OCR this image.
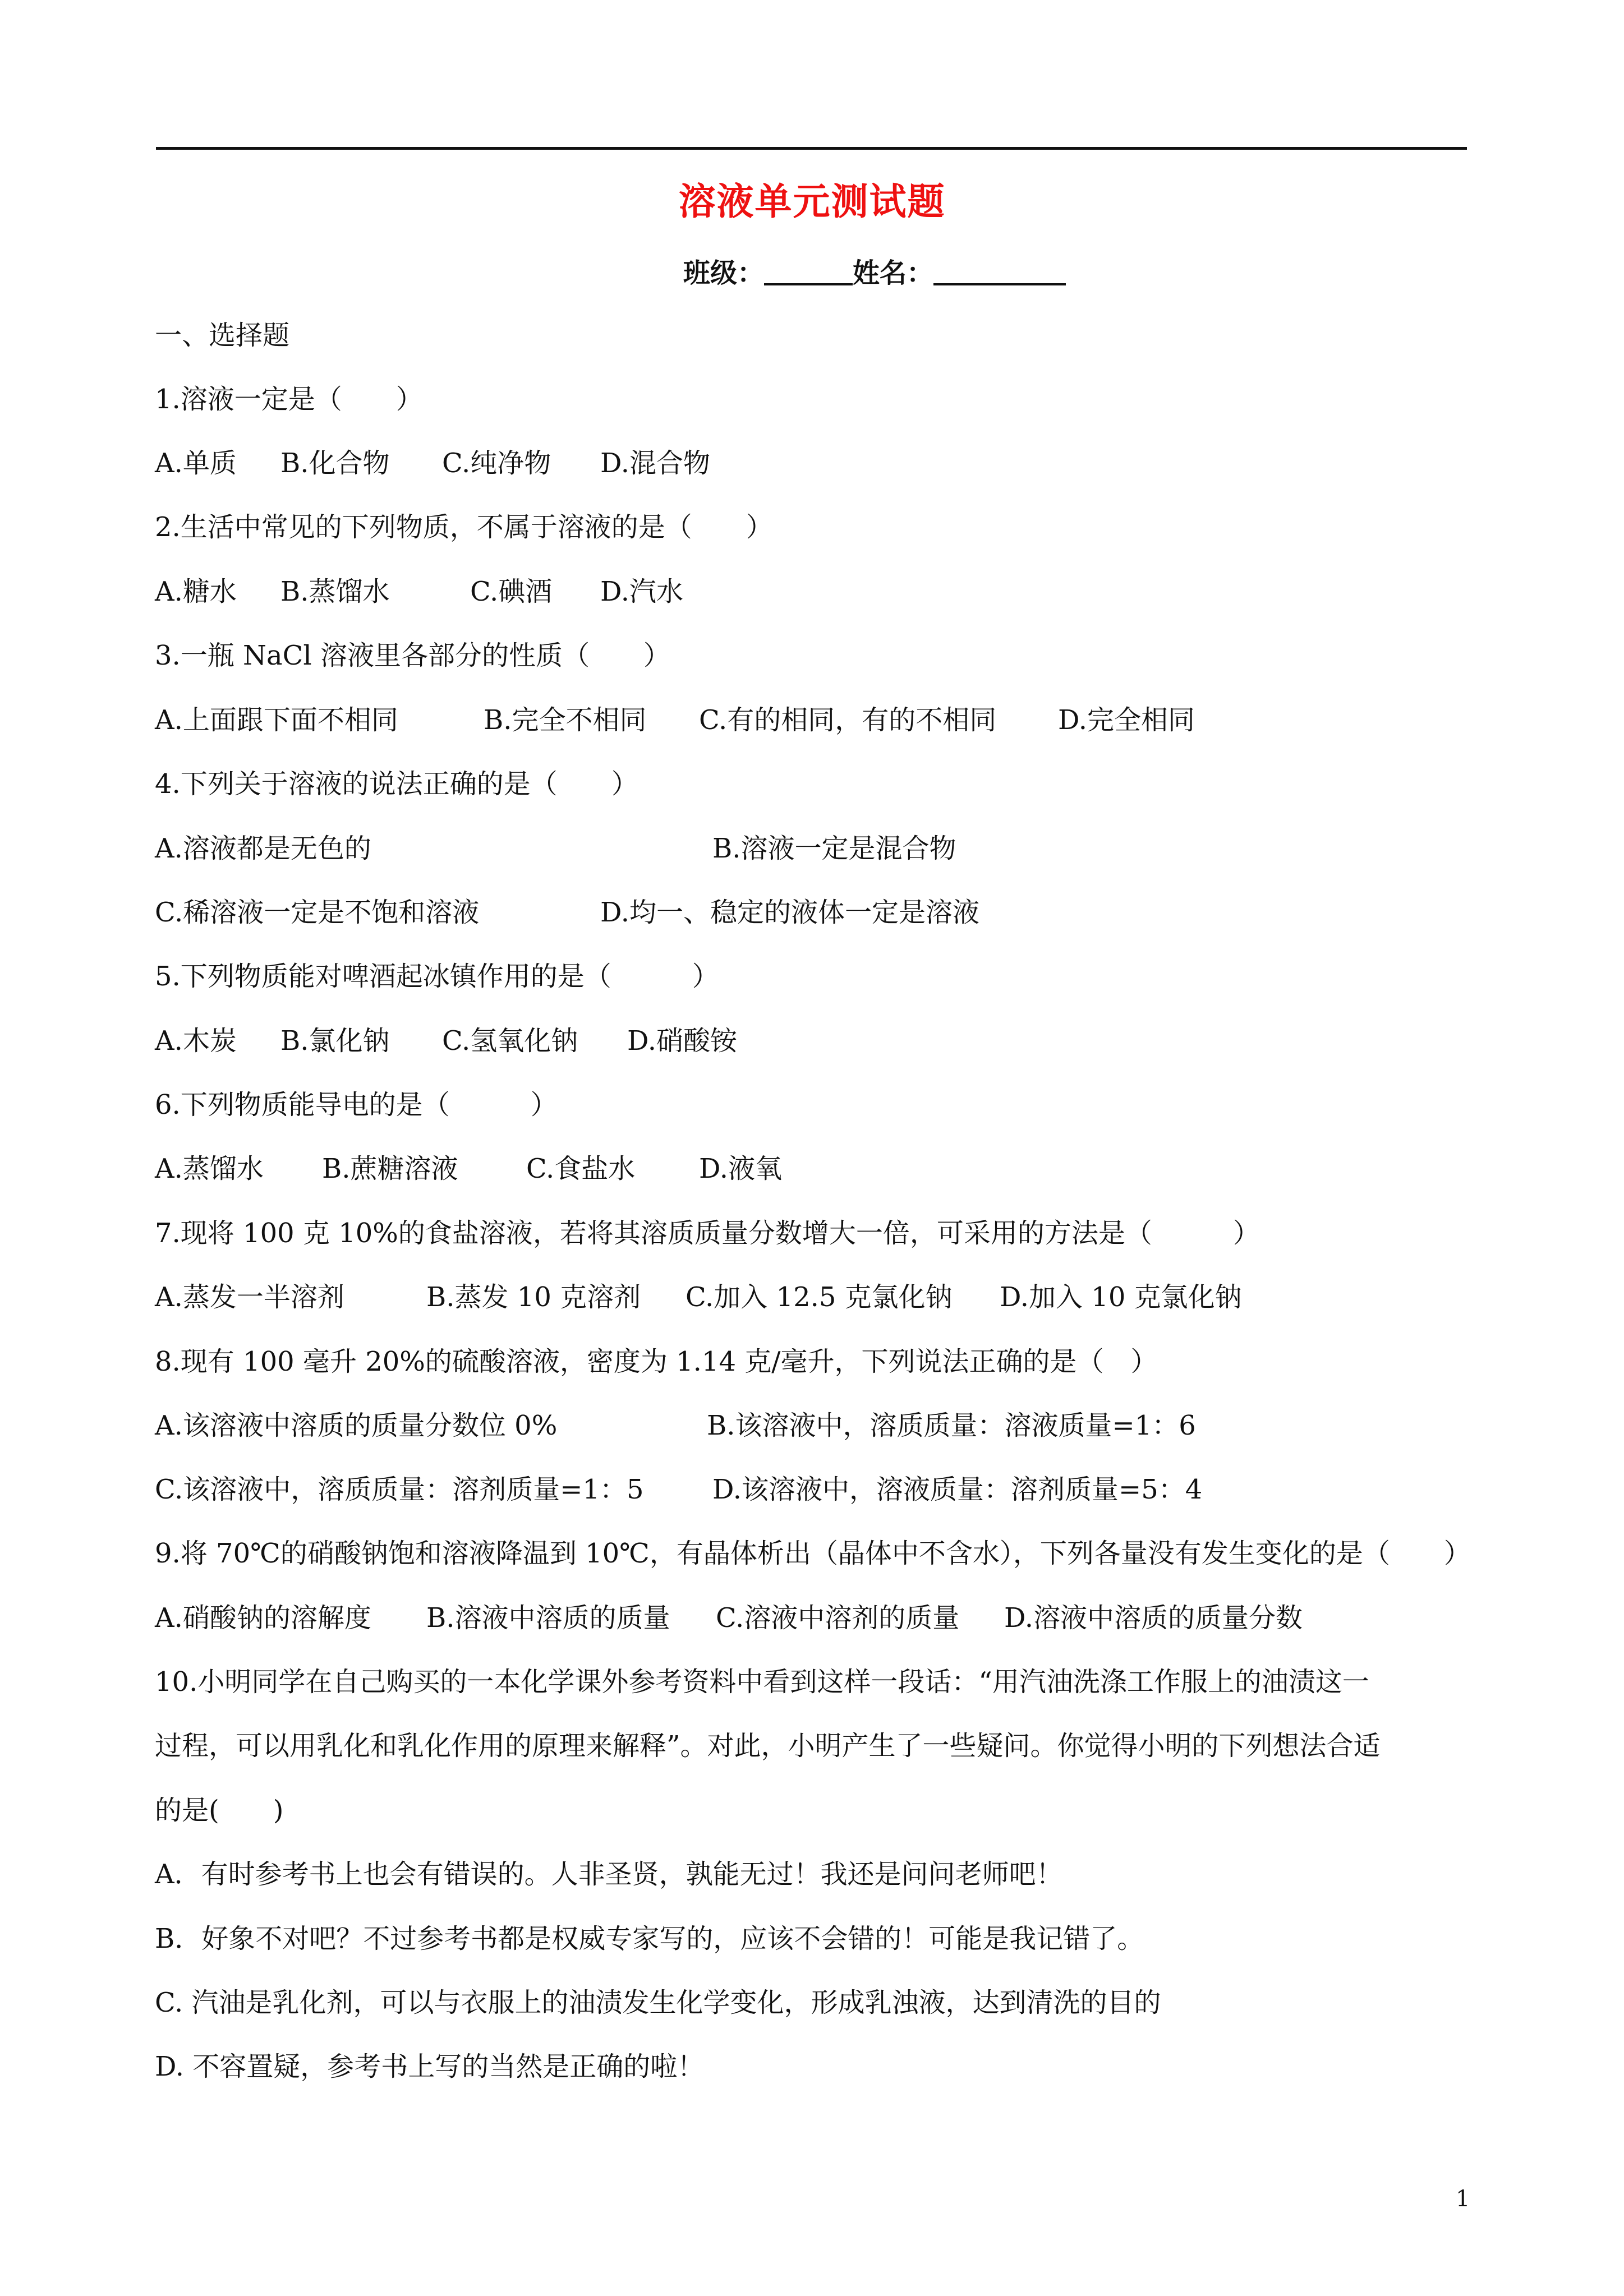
溶液单元测试题
班级：	姓名：
一、选择题
1.溶液一定是（　　）
A.单质 B.化合物 C.纯净物 D.混合物
2.生活中常见的下列物质，不属于溶液的是（　　）
A.糖水 B.蒸馏水	C.碘酒 D.汽水
3.一瓶 NaCl 溶液里各部分的性质（　　）
A.上面跟下面不相同	B.完全不相同 C.有的相同，有的不相同 D.完全相同
4.下列关于溶液的说法正确的是（　　）
A.溶液都是无色的	B.溶液一定是混合物
C.稀溶液一定是不饱和溶液	D.均一、稳定的液体一定是溶液
5.下列物质能对啤酒起冰镇作用的是（　　　）
A.木炭 B.氯化钠 C.氢氧化钠 D.硝酸铵
6.下列物质能导电的是（　　　）
A.蒸馏水 B.蔗糖溶液	C.食盐水 D.液氧
7.现将 100 克 10%的食盐溶液，若将其溶质质量分数增大一倍，可采用的方法是（　　　）
A.蒸发一半溶剂	B.蒸发 10 克溶剂 C.加入 12.5 克氯化钠 D.加入 10 克氯化钠
8.现有 100 毫升 20%的硫酸溶液，密度为 1.14 克/毫升，下列说法正确的是（　）
A.该溶液中溶质的质量分数位 0%	B.该溶液中，溶质质量：溶液质量=1：6
C.该溶液中，溶质质量：溶剂质量=1：5	D.该溶液中，溶液质量：溶剂质量=5：4
9.将 70℃的硝酸钠饱和溶液降温到 10℃，有晶体析出（晶体中不含水），下列各量没有发生变化的是（　　）
A.硝酸钠的溶解度 B.溶液中溶质的质量 C.溶液中溶剂的质量 D.溶液中溶质的质量分数
10.小明同学在自己购买的一本化学课外参考资料中看到这样一段话：“用汽油洗涤工作服上的油渍这一
过程，可以用乳化和乳化作用的原理来解释”。对此，小明产生了一些疑问。你觉得小明的下列想法合适
的是(　　)
A．有时参考书上也会有错误的。人非圣贤，孰能无过！我还是问问老师吧！
B．好象不对吧？不过参考书都是权威专家写的，应该不会错的！可能是我记错了。
C. 汽油是乳化剂，可以与衣服上的油渍发生化学变化，形成乳浊液，达到清洗的目的
D. 不容置疑，参考书上写的当然是正确的啦！
1
